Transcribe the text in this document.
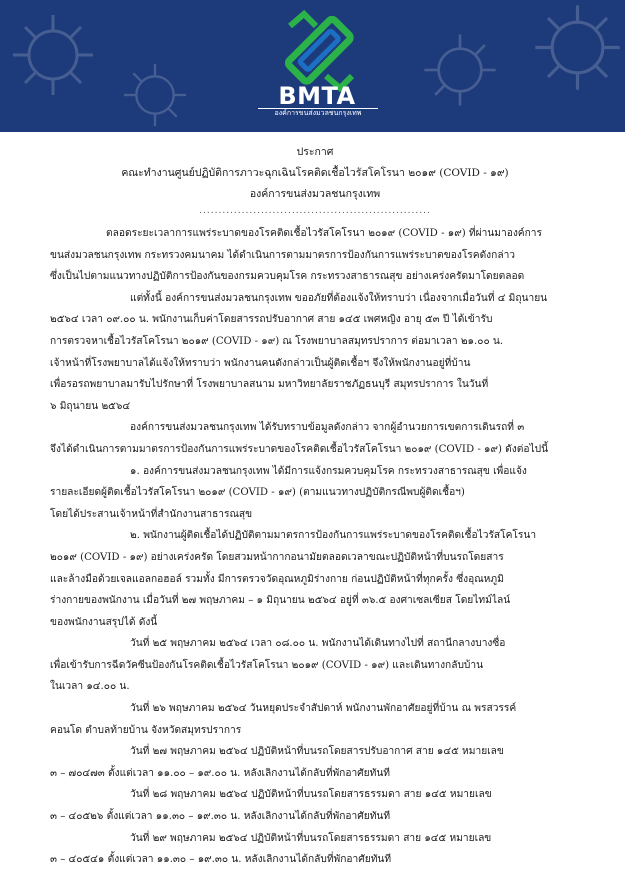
BMTA
องค์การขนส่งมวลชนกรุงเทพ

ประกาศ

คณะทำงานศูนย์ปฏิบัติการภาวะฉุกเฉินโรคติดเชื้อไวรัสโคโรนา ๒๐๑๙ (COVID - ๑๙)

องค์การขนส่งมวลชนกรุงเทพ

............................................................

ตลอดระยะเวลาการแพร่ระบาดของโรคติดเชื้อไวรัสโคโรนา ๒๐๑๙ (COVID - ๑๙) ที่ผ่านมาองค์การ
ขนส่งมวลชนกรุงเทพ กระทรวงคมนาคม ได้ดำเนินการตามมาตรการป้องกันการแพร่ระบาดของโรคดังกล่าว
ซึ่งเป็นไปตามแนวทางปฏิบัติการป้องกันของกรมควบคุมโรค กระทรวงสาธารณสุข อย่างเคร่งครัดมาโดยตลอด

แต่ทั้งนี้ องค์การขนส่งมวลชนกรุงเทพ ขออภัยที่ต้องแจ้งให้ทราบว่า เนื่องจากเมื่อวันที่ ๔ มิถุนายน
๒๕๖๔ เวลา ๐๙.๐๐ น. พนักงานเก็บค่าโดยสารรถปรับอากาศ สาย ๑๔๕ เพศหญิง อายุ ๕๓ ปี ได้เข้ารับ
การตรวจหาเชื้อไวรัสโคโรนา ๒๐๑๙ (COVID - ๑๙) ณ โรงพยาบาลสมุทรปราการ ต่อมาเวลา ๒๑.๐๐ น.
เจ้าหน้าที่โรงพยาบาลได้แจ้งให้ทราบว่า พนักงานคนดังกล่าวเป็นผู้ติดเชื้อฯ จึงให้พนักงานอยู่ที่บ้าน
เพื่อรอรถพยาบาลมารับไปรักษาที่ โรงพยาบาลสนาม มหาวิทยาลัยราชภัฏธนบุรี สมุทรปราการ ในวันที่
๖ มิถุนายน ๒๕๖๔

องค์การขนส่งมวลชนกรุงเทพ ได้รับทราบข้อมูลดังกล่าว จากผู้อำนวยการเขตการเดินรถที่ ๓
จึงได้ดำเนินการตามมาตรการป้องกันการแพร่ระบาดของโรคติดเชื้อไวรัสโคโรนา ๒๐๑๙ (COVID - ๑๙) ดังต่อไปนี้

๑. องค์การขนส่งมวลชนกรุงเทพ ได้มีการแจ้งกรมควบคุมโรค กระทรวงสาธารณสุข เพื่อแจ้ง
รายละเอียดผู้ติดเชื้อไวรัสโคโรนา ๒๐๑๙ (COVID - ๑๙) (ตามแนวทางปฏิบัติกรณีพบผู้ติดเชื้อฯ)
โดยได้ประสานเจ้าหน้าที่สำนักงานสาธารณสุข

๒. พนักงานผู้ติดเชื้อได้ปฏิบัติตามมาตรการป้องกันการแพร่ระบาดของโรคติดเชื้อไวรัสโคโรนา
๒๐๑๙ (COVID - ๑๙) อย่างเคร่งครัด โดยสวมหน้ากากอนามัยตลอดเวลาขณะปฏิบัติหน้าที่บนรถโดยสาร
และล้างมือด้วยเจลแอลกอฮอล์ รวมทั้ง มีการตรวจวัดอุณหภูมิร่างกาย ก่อนปฏิบัติหน้าที่ทุกครั้ง ซึ่งอุณหภูมิ
ร่างกายของพนักงาน เมื่อวันที่ ๒๗ พฤษภาคม – ๑ มิถุนายน ๒๕๖๔ อยู่ที่ ๓๖.๕ องศาเซลเซียส โดยไทม์ไลน์
ของพนักงานสรุปได้ ดังนี้

วันที่ ๒๕ พฤษภาคม ๒๕๖๔ เวลา ๐๘.๐๐ น. พนักงานได้เดินทางไปที่ สถานีกลางบางซื่อ
เพื่อเข้ารับการฉีดวัคซีนป้องกันโรคติดเชื้อไวรัสโคโรนา ๒๐๑๙ (COVID - ๑๙) และเดินทางกลับบ้าน
ในเวลา ๑๔.๐๐ น.

วันที่ ๒๖ พฤษภาคม ๒๕๖๔ วันหยุดประจำสัปดาห์ พนักงานพักอาศัยอยู่ที่บ้าน ณ พรสวรรค์
คอนโด ตำบลท้ายบ้าน จังหวัดสมุทรปราการ

วันที่ ๒๗ พฤษภาคม ๒๕๖๔ ปฏิบัติหน้าที่บนรถโดยสารปรับอากาศ สาย ๑๔๕ หมายเลข
๓ – ๗๐๔๗๓ ตั้งแต่เวลา ๑๑.๐๐ – ๑๙.๐๐ น. หลังเลิกงานได้กลับที่พักอาศัยทันที

วันที่ ๒๘ พฤษภาคม ๒๕๖๔ ปฏิบัติหน้าที่บนรถโดยสารธรรมดา สาย ๑๔๕ หมายเลข
๓ – ๔๐๕๒๖ ตั้งแต่เวลา ๑๑.๓๐ – ๑๙.๓๐ น. หลังเลิกงานได้กลับที่พักอาศัยทันที

วันที่ ๒๙ พฤษภาคม ๒๕๖๔ ปฏิบัติหน้าที่บนรถโดยสารธรรมดา สาย ๑๔๕ หมายเลข
๓ – ๔๐๕๔๑ ตั้งแต่เวลา ๑๑.๓๐ – ๑๙.๓๐ น. หลังเลิกงานได้กลับที่พักอาศัยทันที
